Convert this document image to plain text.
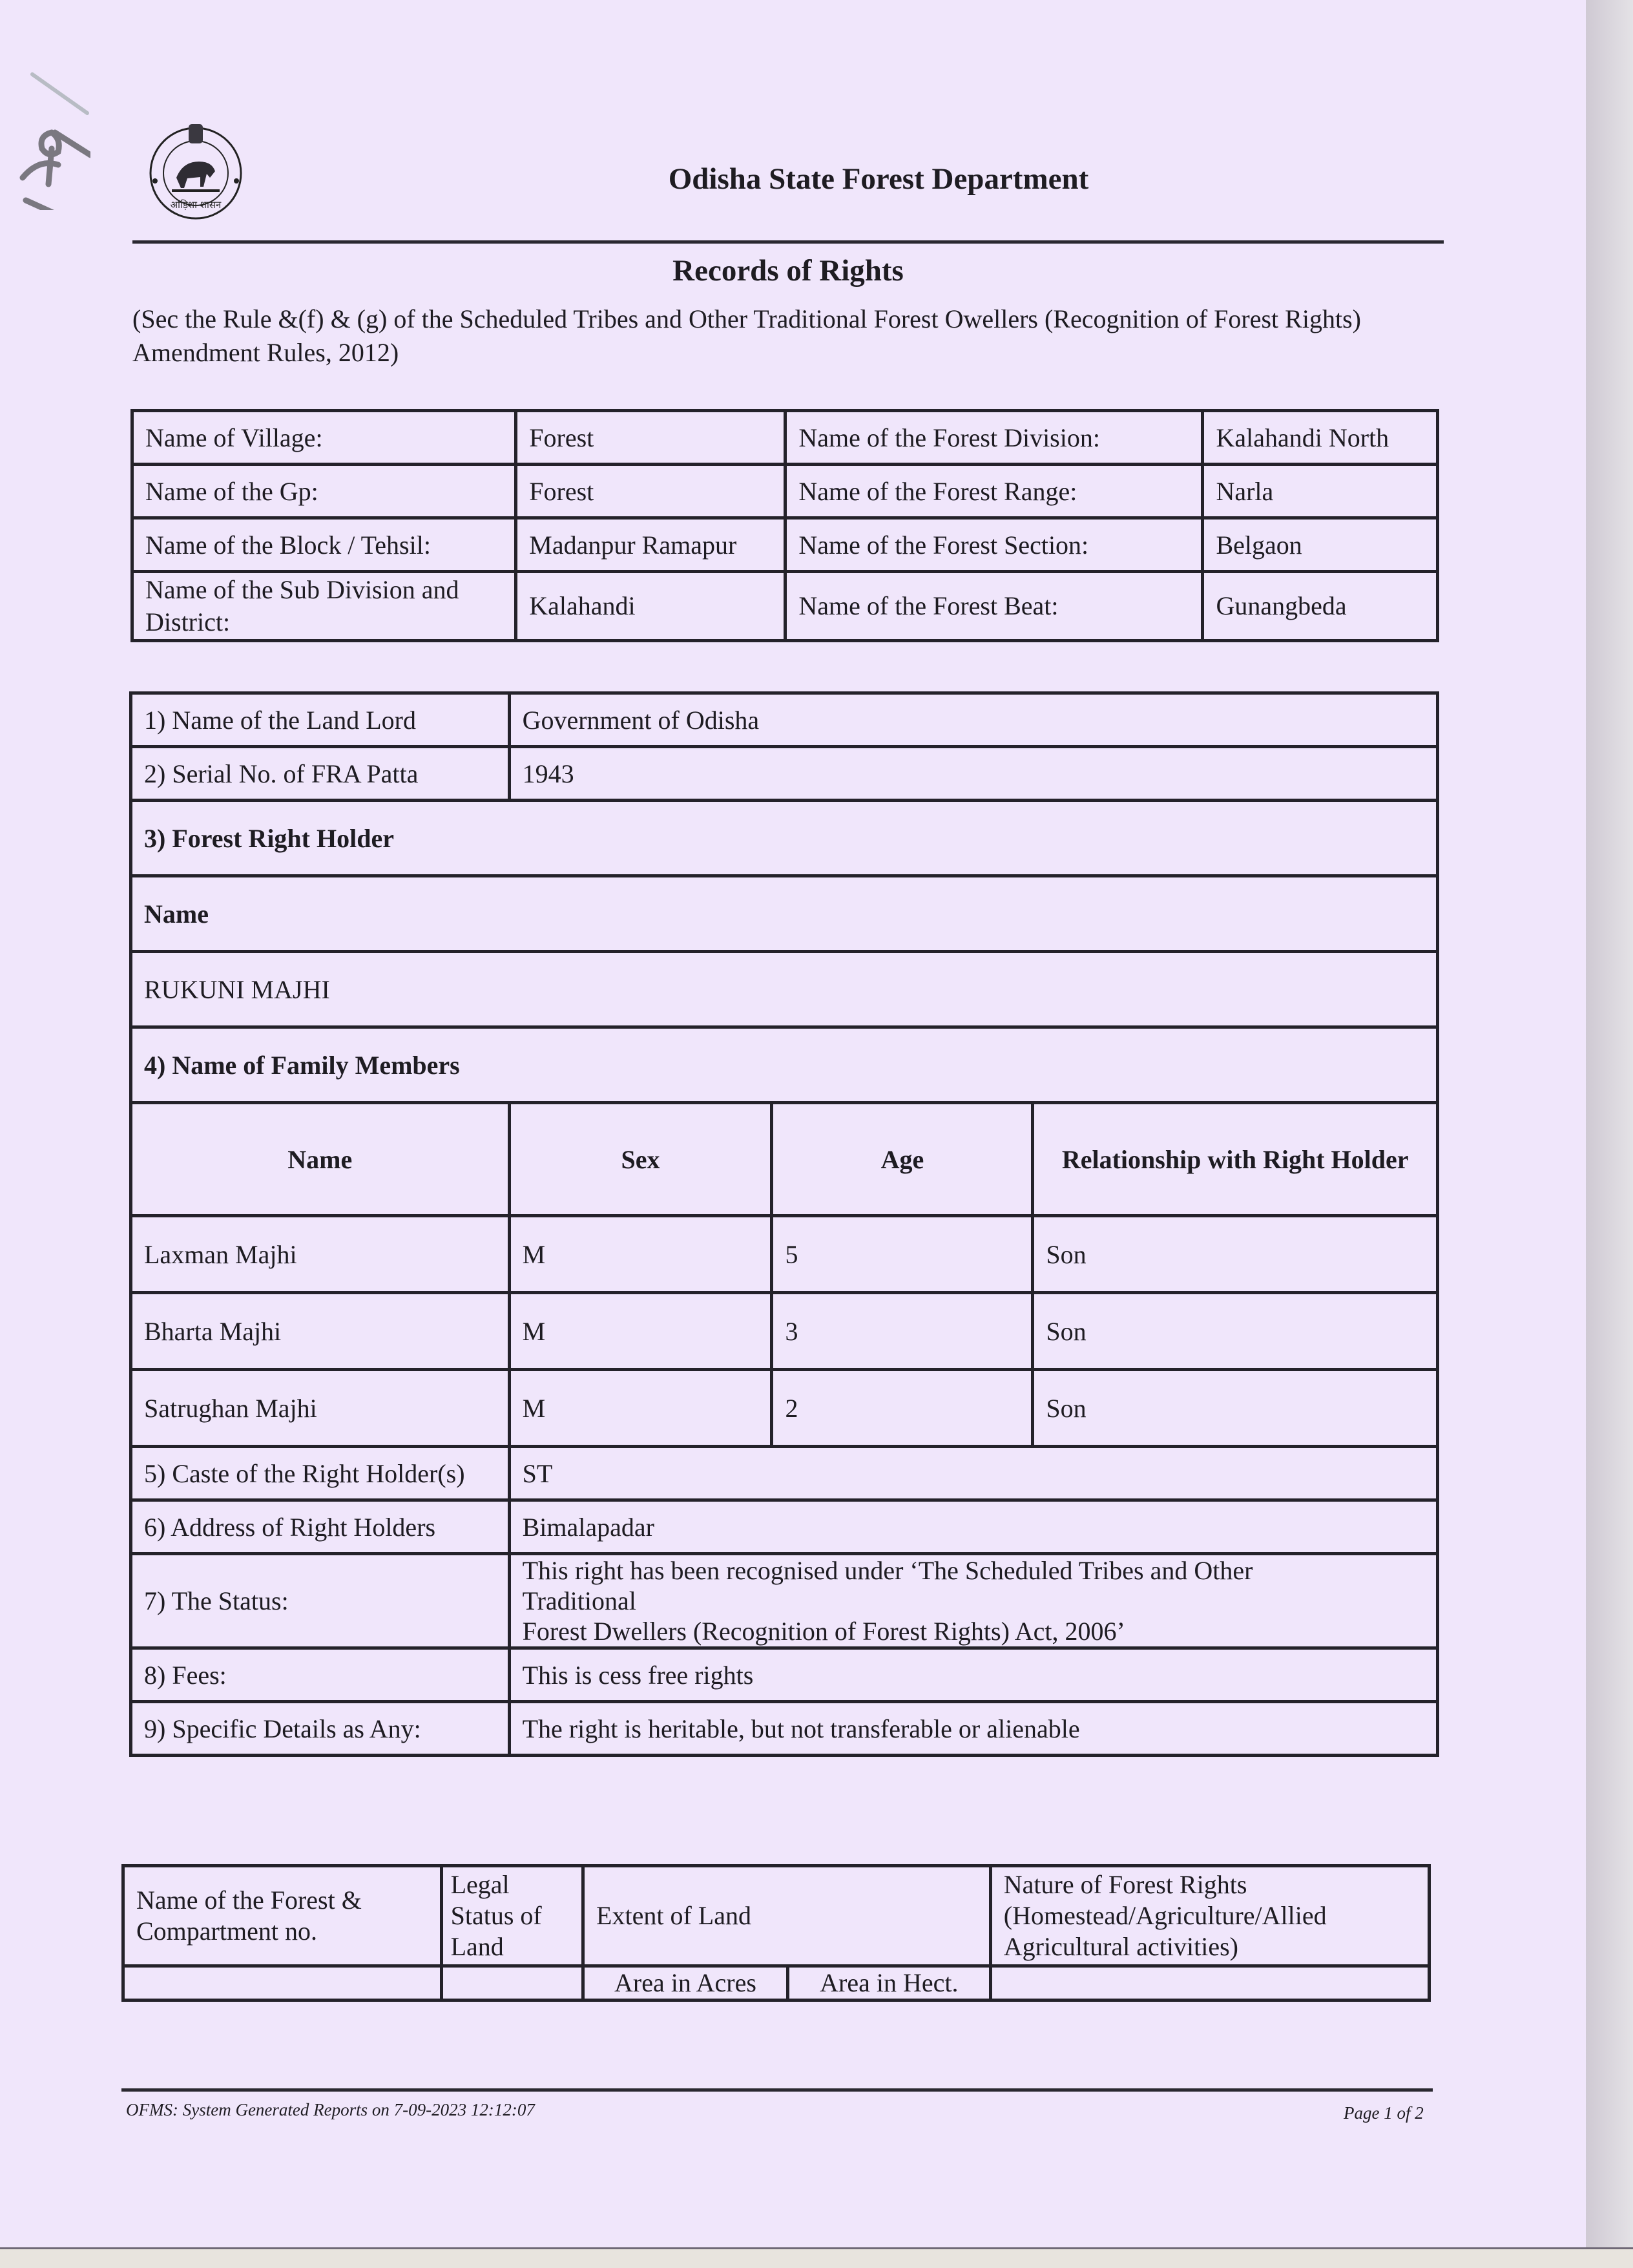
ओड़िशा शासन
Odisha State Forest Department
Records of Rights
(Sec the Rule &(f) & (g) of the Scheduled Tribes and Other Traditional Forest Owellers (Recognition of Forest Rights) Amendment Rules, 2012)
Name of Village:	Forest	Name of the Forest Division:	Kalahandi North
Name of the Gp:	Forest	Name of the Forest Range:	Narla
Name of the Block / Tehsil:	Madanpur Ramapur	Name of the Forest Section:	Belgaon
Name of the Sub Division and District:	Kalahandi	Name of the Forest Beat:	Gunangbeda
1) Name of the Land Lord	Government of Odisha		
2) Serial No. of FRA Patta	1943		
3) Forest Right Holder			
Name			
RUKUNI MAJHI			
4) Name of Family Members			
Name	Sex	Age	Relationship with Right Holder
Laxman Majhi	M	5	Son
Bharta Majhi	M	3	Son
Satrughan Majhi	M	2	Son
5) Caste of the Right Holder(s)	ST		
6) Address of Right Holders	Bimalapadar		
7) The Status:	This right has been recognised under ‘The Scheduled Tribes and Other
Traditional
Forest Dwellers (Recognition of Forest Rights) Act, 2006’		

8) Fees:	This is cess free rights		
9) Specific Details as Any:	The right is heritable, but not transferable or alienable		
Name of the Forest & Compartment no.	Legal Status of Land	Extent of Land		Nature of Forest Rights (Homestead/Agriculture/Allied Agricultural activities)
		Area in Acres	Area in Hect.	
OFMS: System Generated Reports on 7-09-2023 12:12:07	Page 1 of 2
